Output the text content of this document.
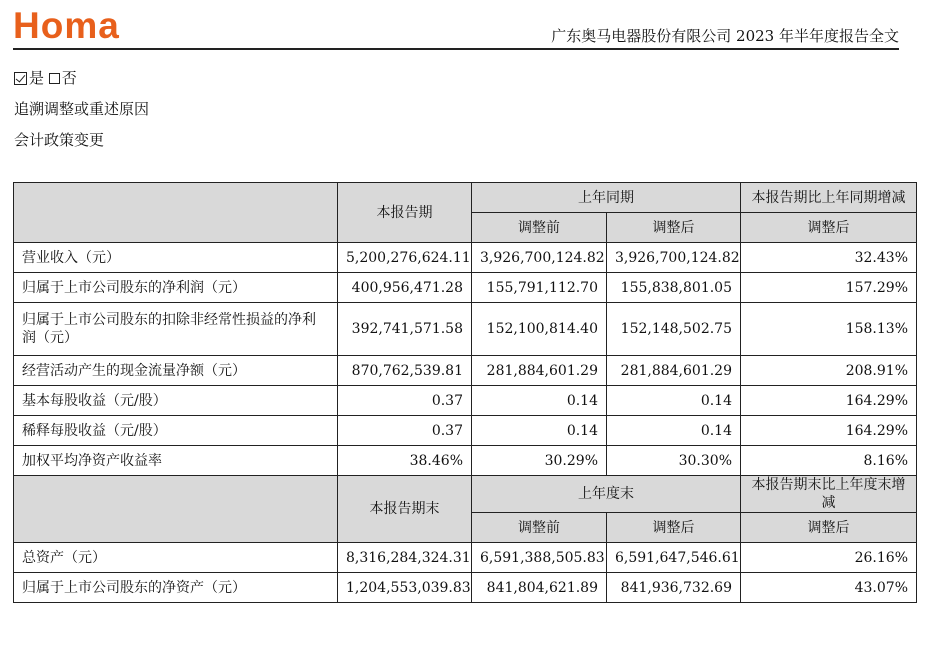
Homa	广东奥马电器股份有限公司 2023 年半年度报告全文
是 否
追溯调整或重述原因
会计政策变更
	本报告期	上年同期		本报告期比上年同期增减
		调整前	调整后	调整后
营业收入（元）	5,200,276,624.11	3,926,700,124.82	3,926,700,124.82	32.43%
归属于上市公司股东的净利润（元）	400,956,471.28	155,791,112.70	155,838,801.05	157.29%
归属于上市公司股东的扣除非经常性损益的净利润（元）	392,741,571.58	152,100,814.40	152,148,502.75	158.13%
经营活动产生的现金流量净额（元）	870,762,539.81	281,884,601.29	281,884,601.29	208.91%
基本每股收益（元/股）	0.37	0.14	0.14	164.29%
稀释每股收益（元/股）	0.37	0.14	0.14	164.29%
加权平均净资产收益率	38.46%	30.29%	30.30%	8.16%
	本报告期末	上年度末		本报告期末比上年度末增减
		调整前	调整后	调整后
总资产（元）	8,316,284,324.31	6,591,388,505.83	6,591,647,546.61	26.16%
归属于上市公司股东的净资产（元）	1,204,553,039.83	841,804,621.89	841,936,732.69	43.07%
